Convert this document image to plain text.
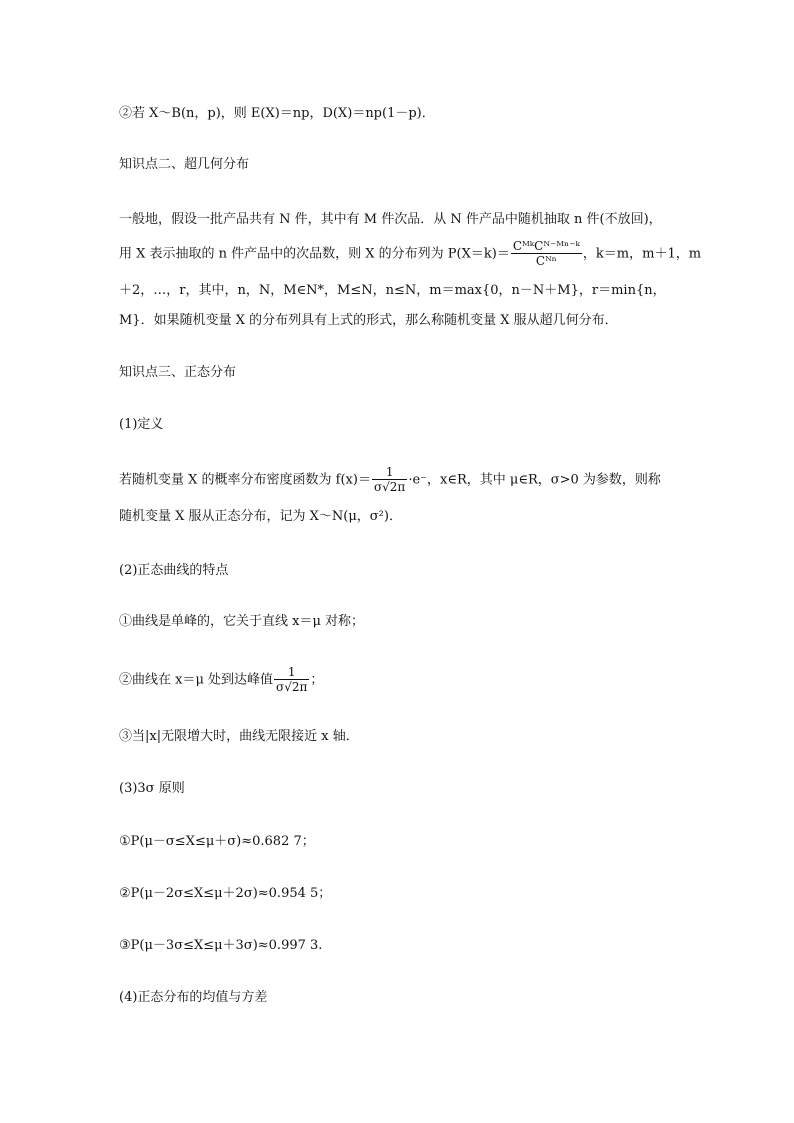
②若 X～B(n，p)，则 E(X)＝np，D(X)＝np(1－p)．
知识点二、超几何分布
一般地，假设一批产品共有 N 件，其中有 M 件次品．从 N 件产品中随机抽取 n 件(不放回)，
用 X 表示抽取的 n 件产品中的次品数，则 X 的分布列为 $P(X=k)= \frac{\text{CᴹᵏCᴺ⁻ᴹⁿ⁻ᵏ}}{\text{Cᴺⁿ}}$ ，k＝m，m＋1，m
＋2，…，r，其中，n，N，M∈N*，M≤N，n≤N，m＝max{0，n－N＋M}，r＝min{n，
M}．如果随机变量 X 的分布列具有上式的形式，那么称随机变量 X 服从超几何分布．
知识点三、正态分布
(1)定义
若随机变量 X 的概率分布密度函数为 $f(x)= \frac{1}{\sigma√2\pi} \cdot e^-$，x∈R，其中 μ∈R，σ>0 为参数，则称
随机变量 X 服从正态分布，记为 X～N(μ，σ²)．
(2)正态曲线的特点
①曲线是单峰的，它关于直线 x＝μ 对称；
②曲线在 x＝μ 处到达峰值 $\frac{1}{\sigma√2\pi}$ ；
③当|x|无限增大时，曲线无限接近 x 轴．
(3)3σ 原则
①P(μ－σ≤X≤μ＋σ)≈0.682 7；
②P(μ－2σ≤X≤μ＋2σ)≈0.954 5；
③P(μ－3σ≤X≤μ＋3σ)≈0.997 3.
(4)正态分布的均值与方差
